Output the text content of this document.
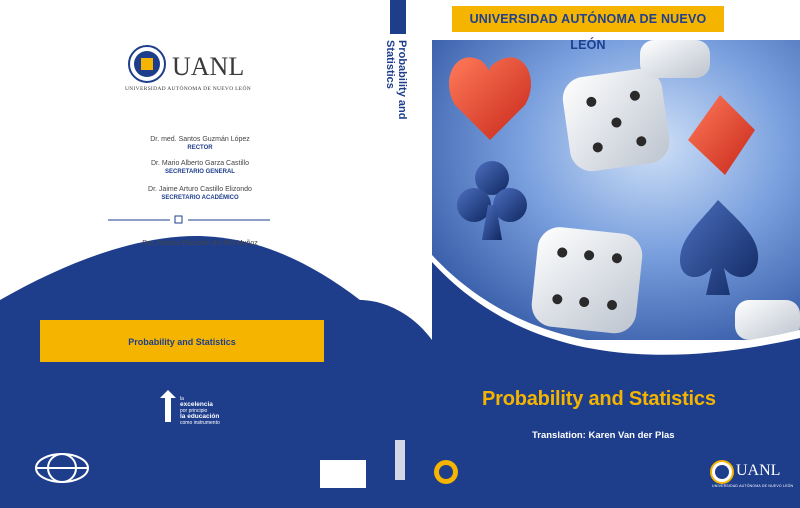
UANL
UNIVERSIDAD AUTÓNOMA DE NUEVO LEÓN
Dr. med. Santos Guzmán López
RECTOR
Dr. Mario Alberto Garza Castillo
SECRETARIO GENERAL
Dr. Jaime Arturo Castillo Elizondo
SECRETARIO ACADÉMICO
Dra. Sandra Elizabeth del Río Muñoz
DIRECTORA DEL SISTEMA DE ESTUDIOS
DEL NIVEL MEDIO SUPERIOR
Probability and Statistics
la
excelencia
por principio
la educación
como instrumento
Probability and Statistics
UNIVERSIDAD AUTÓNOMA DE NUEVO LEÓN
Probability and Statistics
Translation: Karen Van der Plas
UANL
UNIVERSIDAD AUTÓNOMA DE NUEVO LEÓN
